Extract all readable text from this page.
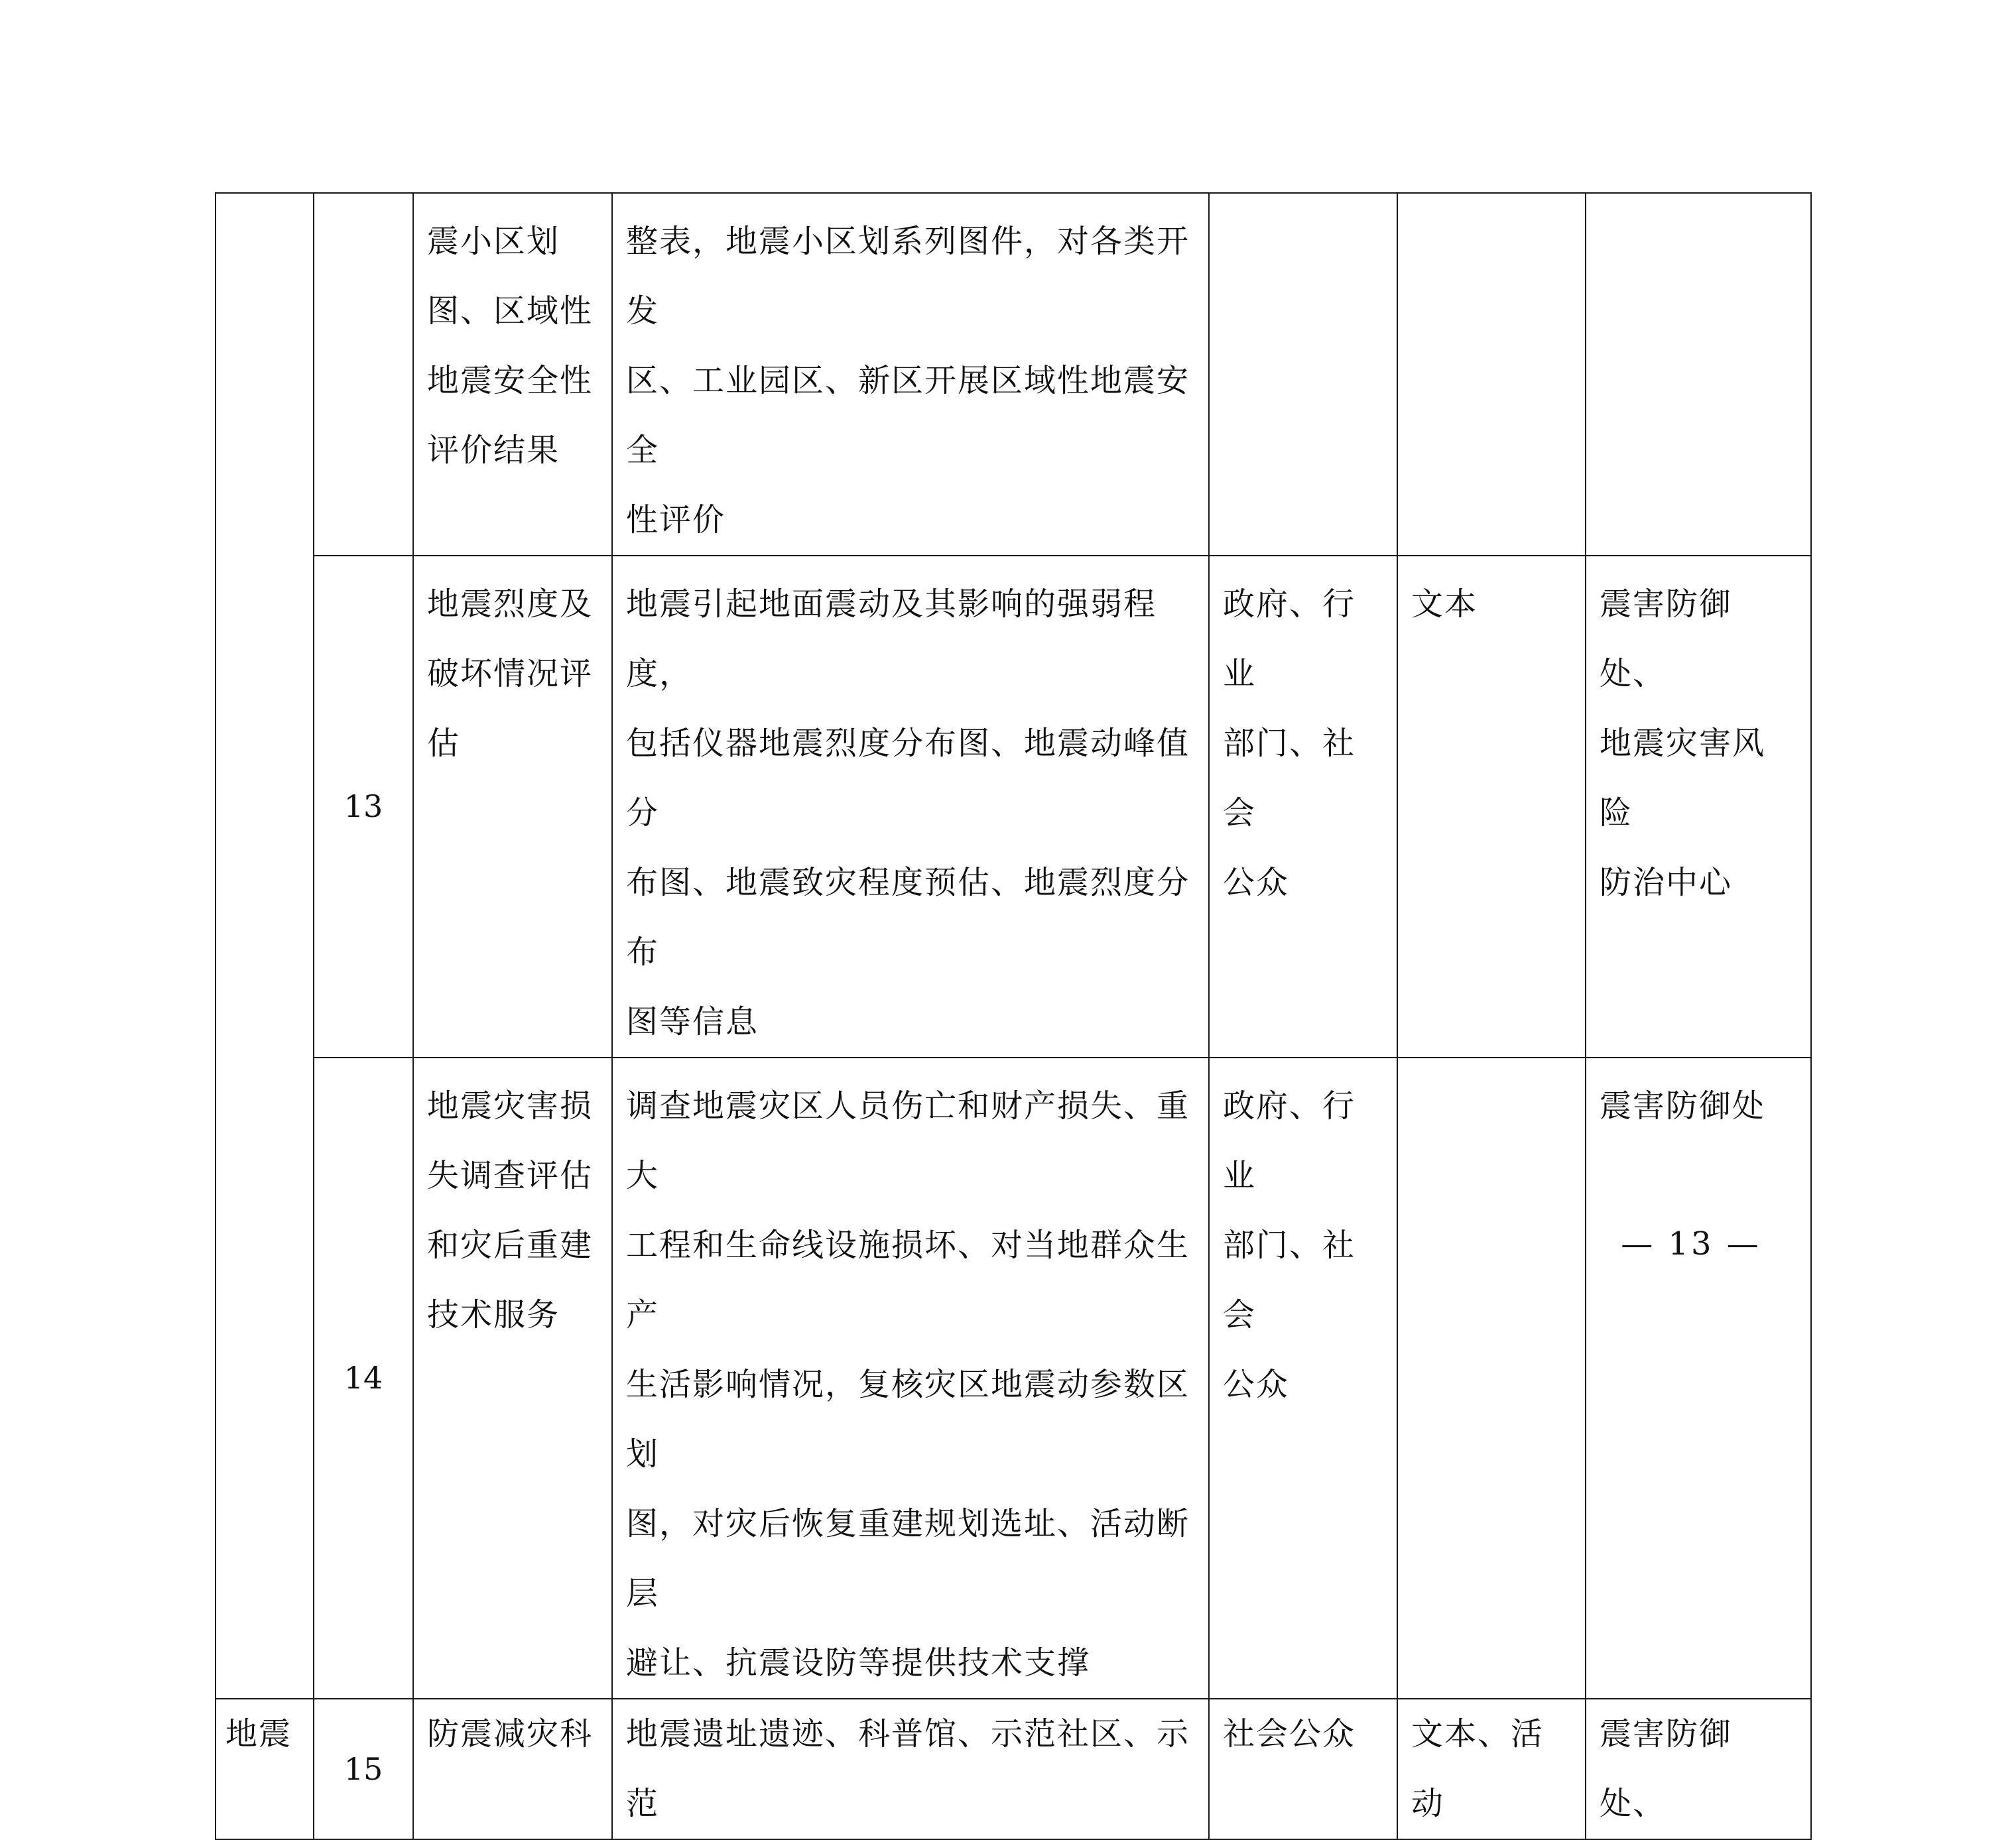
		震小区划
图、区域性
地震安全性
评价结果	整表，地震小区划系列图件，对各类开发
区、工业园区、新区开展区域性地震安全
性评价			

	13	地震烈度及
破坏情况评
估	地震引起地面震动及其影响的强弱程度，
包括仪器地震烈度分布图、地震动峰值分
布图、地震致灾程度预估、地震烈度分布
图等信息	政府、行业
部门、社会
公众	文本	震害防御处、
地震灾害风险
防治中心

	14	地震灾害损
失调查评估
和灾后重建
技术服务	调查地震灾区人员伤亡和财产损失、重大
工程和生命线设施损坏、对当地群众生产
生活影响情况，复核灾区地震动参数区划
图，对灾后恢复重建规划选址、活动断层
避让、抗震设防等提供技术支撑	政府、行业
部门、社会
公众		震害防御处

地震	15	防震减灾科	地震遗址遗迹、科普馆、示范社区、示范	社会公众	文本、活动	震害防御处、
— 13 —
